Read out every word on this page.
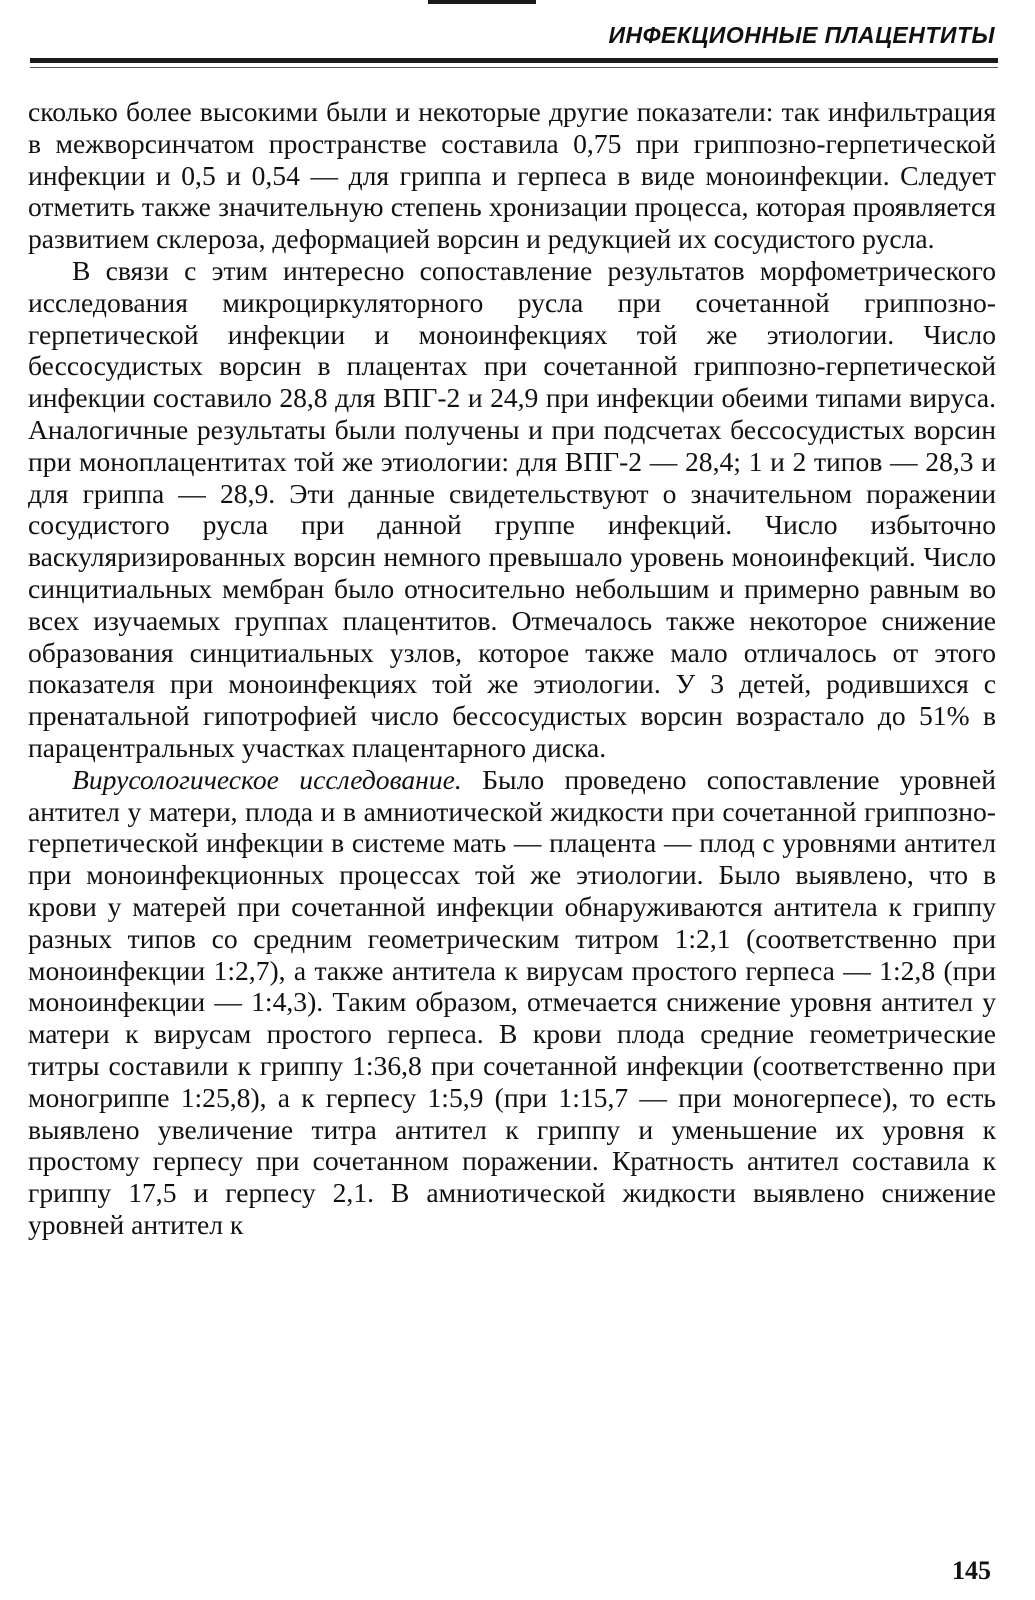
ИНФЕКЦИОННЫЕ ПЛАЦЕНТИТЫ

сколько более высокими были и некоторые другие показатели: так инфильтрация в межворсинчатом пространстве составила 0,75 при гриппозно-герпетической инфекции и 0,5 и 0,54 — для гриппа и герпеса в виде моноинфекции. Следует отметить также значительную степень хронизации процесса, которая проявляется развитием склероза, деформацией ворсин и редукцией их сосудистого русла.

В связи с этим интересно сопоставление результатов морфометрического исследования микроциркуляторного русла при сочетанной гриппозно-герпетической инфекции и моноинфекциях той же этиологии. Число бессосудистых ворсин в плацентах при сочетанной гриппозно-герпетической инфекции составило 28,8 для ВПГ-2 и 24,9 при инфекции обеими типами вируса. Аналогичные результаты были получены и при подсчетах бессосудистых ворсин при моноплацентитах той же этиологии: для ВПГ-2 — 28,4; 1 и 2 типов — 28,3 и для гриппа — 28,9. Эти данные свидетельствуют о значительном поражении сосудистого русла при данной группе инфекций. Число избыточно васкуляризированных ворсин немного превышало уровень моноинфекций. Число синцитиальных мембран было относительно небольшим и примерно равным во всех изучаемых группах плацентитов. Отмечалось также некоторое снижение образования синцитиальных узлов, которое также мало отличалось от этого показателя при моноинфекциях той же этиологии. У 3 детей, родившихся с пренатальной гипотрофией число бессосудистых ворсин возрастало до 51% в парацентральных участках плацентарного диска.

Вирусологическое исследование. Было проведено сопоставление уровней антител у матери, плода и в амниотической жидкости при сочетанной гриппозно-герпетической инфекции в системе мать — плацента — плод с уровнями антител при моноинфекционных процессах той же этиологии. Было выявлено, что в крови у матерей при сочетанной инфекции обнаруживаются антитела к гриппу разных типов со средним геометрическим титром 1:2,1 (соответственно при моноинфекции 1:2,7), а также антитела к вирусам простого герпеса — 1:2,8 (при моноинфекции — 1:4,3). Таким образом, отмечается снижение уровня антител у матери к вирусам простого герпеса. В крови плода средние геометрические титры составили к гриппу 1:36,8 при сочетанной инфекции (соответственно при моногриппе 1:25,8), а к герпесу 1:5,9 (при 1:15,7 — при моногерпесе), то есть выявлено увеличение титра антител к гриппу и уменьшение их уровня к простому герпесу при сочетанном поражении. Кратность антител составила к гриппу 17,5 и герпесу 2,1. В амниотической жидкости выявлено снижение уровней антител к

145
